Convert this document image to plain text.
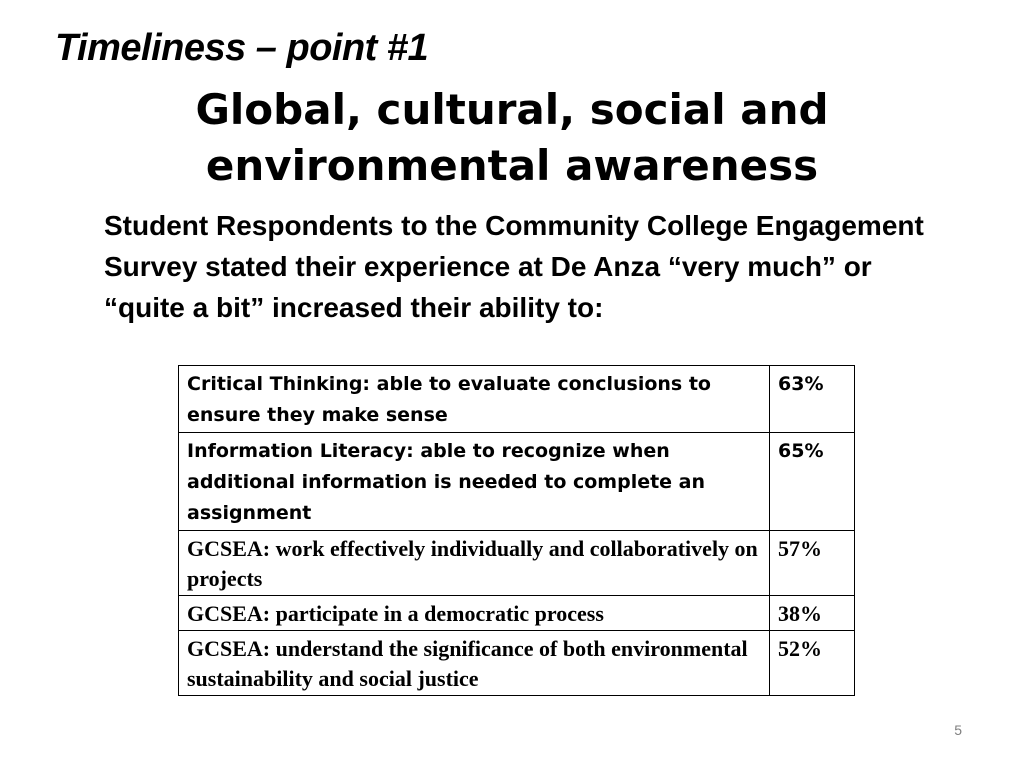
Timeliness – point #1
Global, cultural, social and
environmental awareness

Student Respondents to the Community College Engagement Survey stated their experience at De Anza “very much” or “quite a bit” increased their ability to:

Critical Thinking: able to evaluate conclusions to ensure they make sense	63%
Information Literacy: able to recognize when additional information is needed to complete an assignment	65%
GCSEA: work effectively individually and collaboratively on projects	57%
GCSEA: participate in a democratic process	38%
GCSEA: understand the significance of both environmental sustainability and social justice	52%
5
